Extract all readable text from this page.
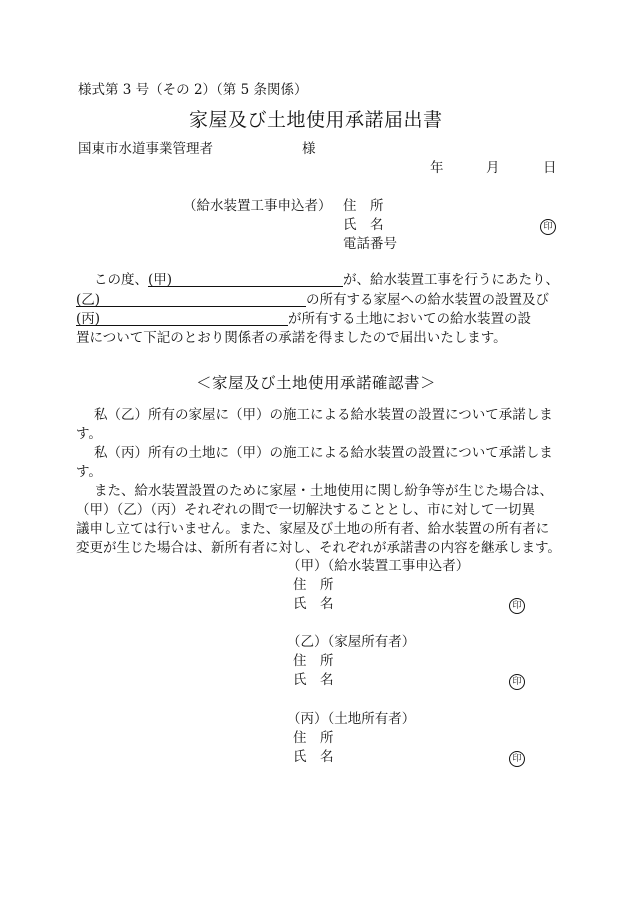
様式第 3 号（その 2）（第 5 条関係）
家屋及び土地使用承諾届出書
国東市水道事業管理者	様
年	月	日
（給水装置工事申込者） 住　所
氏　名	印
電話番号
この度、(甲)	が、給水装置工事を行うにあたり、
(乙)	の所有する家屋への給水装置の設置及び
(丙)	が所有する土地においての給水装置の設
置について下記のとおり関係者の承諾を得ましたので届出いたします。
＜家屋及び土地使用承諾確認書＞
私（乙）所有の家屋に（甲）の施工による給水装置の設置について承諾しま
す。
私（丙）所有の土地に（甲）の施工による給水装置の設置について承諾しま
す。
また、給水装置設置のために家屋・土地使用に関し紛争等が生じた場合は、
（甲）（乙）（丙）それぞれの間で一切解決することとし、市に対して一切異
議申し立ては行いません。また、家屋及び土地の所有者、給水装置の所有者に
変更が生じた場合は、新所有者に対し、それぞれが承諾書の内容を継承します。
（甲）（給水装置工事申込者）
住　所
氏　名	印
（乙）（家屋所有者）
住　所
氏　名	印
（丙）（土地所有者）
住　所
氏　名	印
